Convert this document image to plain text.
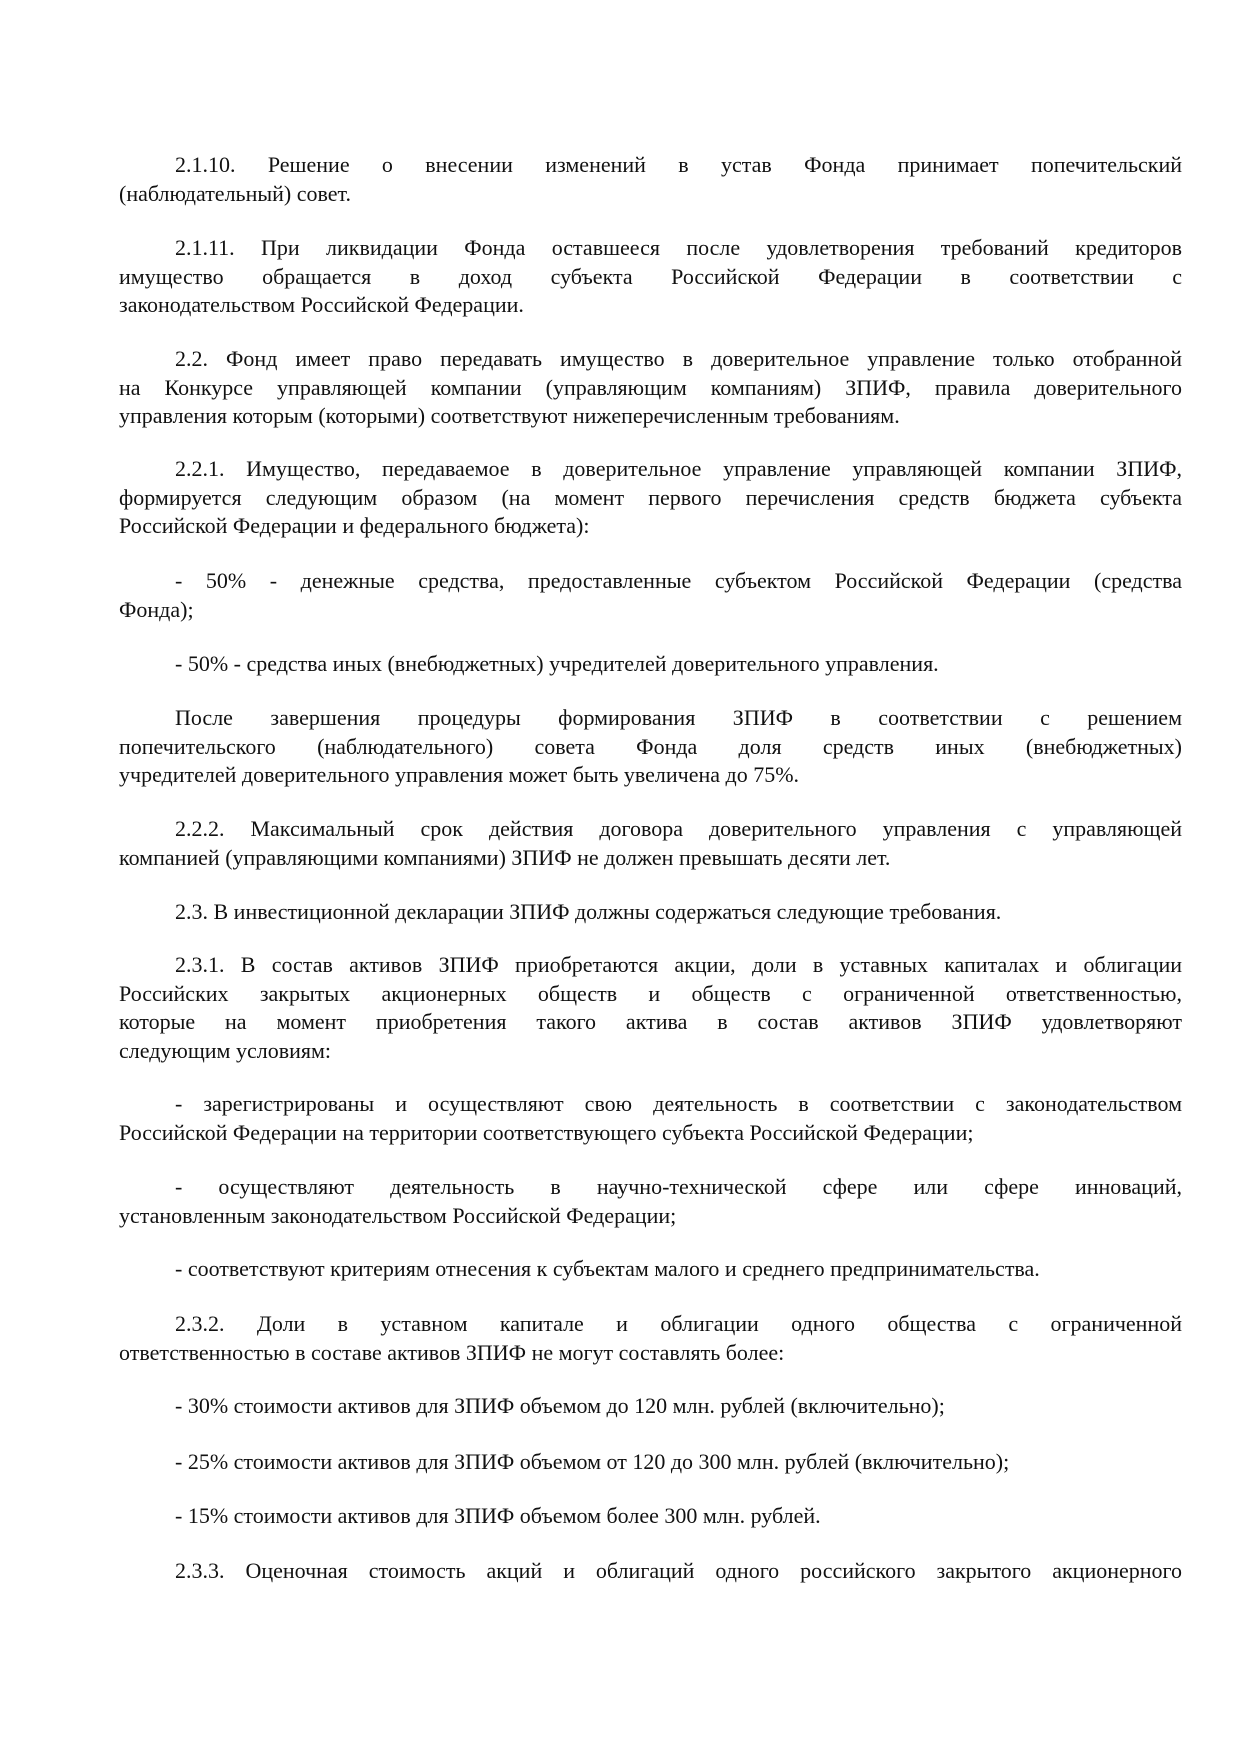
2.1.10. Решение о внесении изменений в устав Фонда принимает попечительский
(наблюдательный) совет.
2.1.11. При ликвидации Фонда оставшееся после удовлетворения требований кредиторов
имущество обращается в доход субъекта Российской Федерации в соответствии с
законодательством Российской Федерации.
2.2. Фонд имеет право передавать имущество в доверительное управление только отобранной
на Конкурсе управляющей компании (управляющим компаниям) ЗПИФ, правила доверительного
управления которым (которыми) соответствуют нижеперечисленным требованиям.
2.2.1. Имущество, передаваемое в доверительное управление управляющей компании ЗПИФ,
формируется следующим образом (на момент первого перечисления средств бюджета субъекта
Российской Федерации и федерального бюджета):
- 50% - денежные средства, предоставленные субъектом Российской Федерации (средства
Фонда);
- 50% - средства иных (внебюджетных) учредителей доверительного управления.
После завершения процедуры формирования ЗПИФ в соответствии с решением
попечительского (наблюдательного) совета Фонда доля средств иных (внебюджетных)
учредителей доверительного управления может быть увеличена до 75%.
2.2.2. Максимальный срок действия договора доверительного управления с управляющей
компанией (управляющими компаниями) ЗПИФ не должен превышать десяти лет.
2.3. В инвестиционной декларации ЗПИФ должны содержаться следующие требования.
2.3.1. В состав активов ЗПИФ приобретаются акции, доли в уставных капиталах и облигации
Российских закрытых акционерных обществ и обществ с ограниченной ответственностью,
которые на момент приобретения такого актива в состав активов ЗПИФ удовлетворяют
следующим условиям:
- зарегистрированы и осуществляют свою деятельность в соответствии с законодательством
Российской Федерации на территории соответствующего субъекта Российской Федерации;
- осуществляют деятельность в научно-технической сфере или сфере инноваций,
установленным законодательством Российской Федерации;
- соответствуют критериям отнесения к субъектам малого и среднего предпринимательства.
2.3.2. Доли в уставном капитале и облигации одного общества с ограниченной
ответственностью в составе активов ЗПИФ не могут составлять более:
- 30% стоимости активов для ЗПИФ объемом до 120 млн. рублей (включительно);
- 25% стоимости активов для ЗПИФ объемом от 120 до 300 млн. рублей (включительно);
- 15% стоимости активов для ЗПИФ объемом более 300 млн. рублей.
2.3.3. Оценочная стоимость акций и облигаций одного российского закрытого акционерного
